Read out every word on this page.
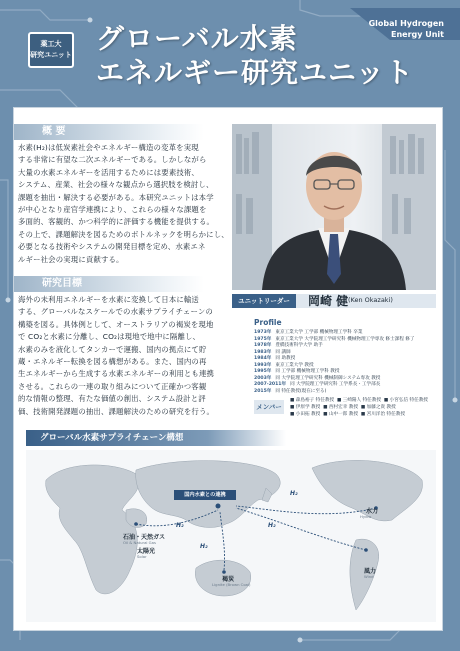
薬工大
研究ユニット グローバル水素
エネルギー研究ユニット
Global Hydrogen
Energy Unit
概 要
水素(H₂)は低炭素社会やエネルギー構造の変革を実現
する非常に有望な二次エネルギーである。しかしながら
大量の水素エネルギーを活用するためには要素技術、
システム、産業、社会の様々な観点から選択肢を検討し、
課題を抽出・解決する必要がある。本研究ユニットは本学
が中心となり産官学連携により、これらの様々な課題を
多面的、客観的、かつ科学的に評価する機能を提供する。
その上で、課題解決を図るためのボトルネックを明らかにし、
必要となる技術やシステムの開発目標を定め、水素エネ
ルギー社会の実現に貢献する。
研究目標
海外の未利用エネルギーを水素に変換して日本に輸送
する、グローバルなスケールでの水素サプライチェーンの
構築を図る。具体例として、オーストラリアの褐炭を現地
で CO₂と水素に分離し、CO₂は現地で地中に隔離し、
水素のみを液化してタンカーで運搬、国内の拠点にて貯
蔵・エネルギー転換を図る構想がある。また、国内の再
生エネルギーから生成する水素エネルギーの利用とも連携
させる。これらの一連の取り組みについて正確かつ客観
的な情報の整理、有たな価値の創出、システム設計と評
価、技術開発課題の抽出、課題解決のための研究を行う。
ユニットリーダー	岡崎 健 (Ken Okazaki)
Profile
1973年 東京工業大学 工学部 機械物理工学科 卒業
1975年 東京工業大学 大学院理工学研究科 機械物理工学専攻 修士課程 修了
1978年 豊橋技術科学大学 助手
1983年 同 講師
1984年 同 助教授
1993年 東京工業大学 教授
1995年 同 工学部 機械物理工学科 教授
2003年 同 大学院理工学研究科 機械制御システム専攻 教授
2007-2011年 同 大学院理工学研究科 工学系長・工学部長
2015年 同 特任教授(現在に至る)
メンバー
■ 森島裕子 特任教授 ■ 三崎陽人 特任教授 ■ 小宮弘信 特任教授
■ 伊原学 教授 ■ 西村宏幸 教授 ■ 加藤之貴 教授
■ 小田拓 教授 ■ 山中一郎 教授 ■ 宮川洋治 特任教授
グローバル水素サプライチェーン構想
国内水素との連携
石油・天然ガス
Oil & Natural Gas
太陽光
Solar
褐炭
Lignite (Brown Coal)
水力
Hydro
風力
Wind
H₂
H₂
H₂
H₂
